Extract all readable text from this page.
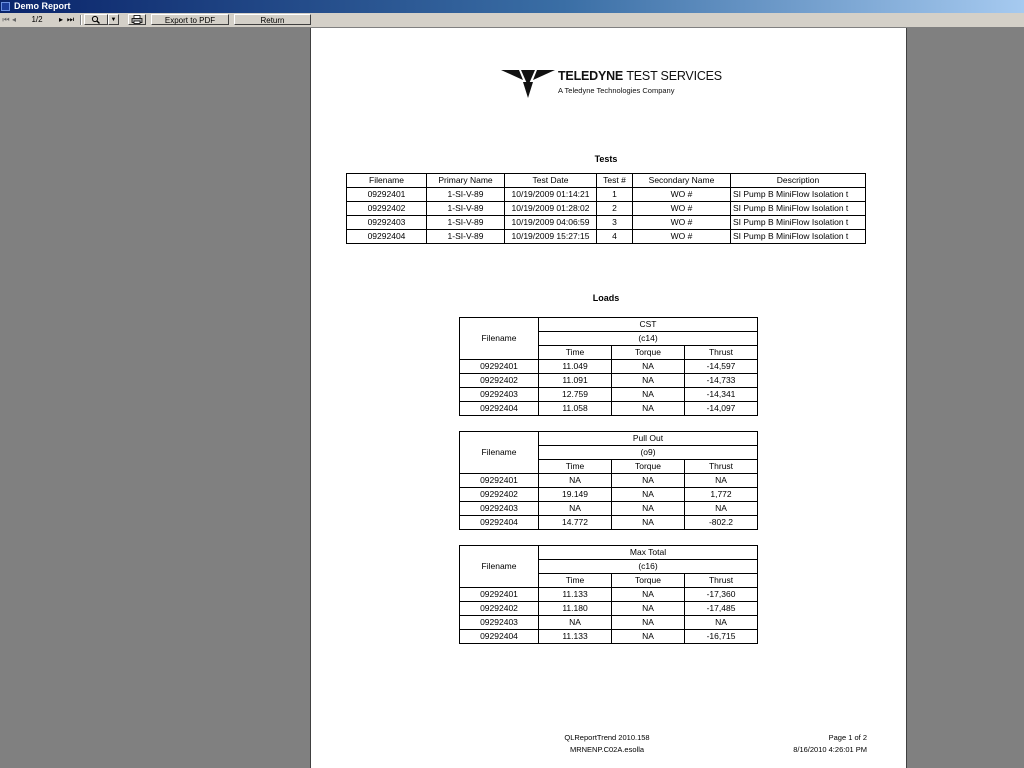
Demo Report
⏮ ◂	1/2	▸ ⏭	▼	Export to PDF	Return
TELEDYNE TEST SERVICES
A Teledyne Technologies Company
Tests
Filename	Primary Name	Test Date	Test #	Secondary Name	Description
09292401	1-SI-V-89	10/19/2009 01:14:21	1	WO #	SI Pump B MiniFlow Isolation t
09292402	1-SI-V-89	10/19/2009 01:28:02	2	WO #	SI Pump B MiniFlow Isolation t
09292403	1-SI-V-89	10/19/2009 04:06:59	3	WO #	SI Pump B MiniFlow Isolation t
09292404	1-SI-V-89	10/19/2009 15:27:15	4	WO #	SI Pump B MiniFlow Isolation t
Loads
Filename	CST		
	(c14)		
	Time	Torque	Thrust
09292401	11.049	NA	-14,597
09292402	11.091	NA	-14,733
09292403	12.759	NA	-14,341
09292404	11.058	NA	-14,097
Filename	Pull Out		
	(o9)		
	Time	Torque	Thrust
09292401	NA	NA	NA
09292402	19.149	NA	1,772
09292403	NA	NA	NA
09292404	14.772	NA	-802.2
Filename	Max Total		
	(c16)		
	Time	Torque	Thrust
09292401	11.133	NA	-17,360
09292402	11.180	NA	-17,485
09292403	NA	NA	NA
09292404	11.133	NA	-16,715
QLReportTrend 2010.158
MRNENP.C02A.esolla
Page 1 of 2
8/16/2010 4:26:01 PM
